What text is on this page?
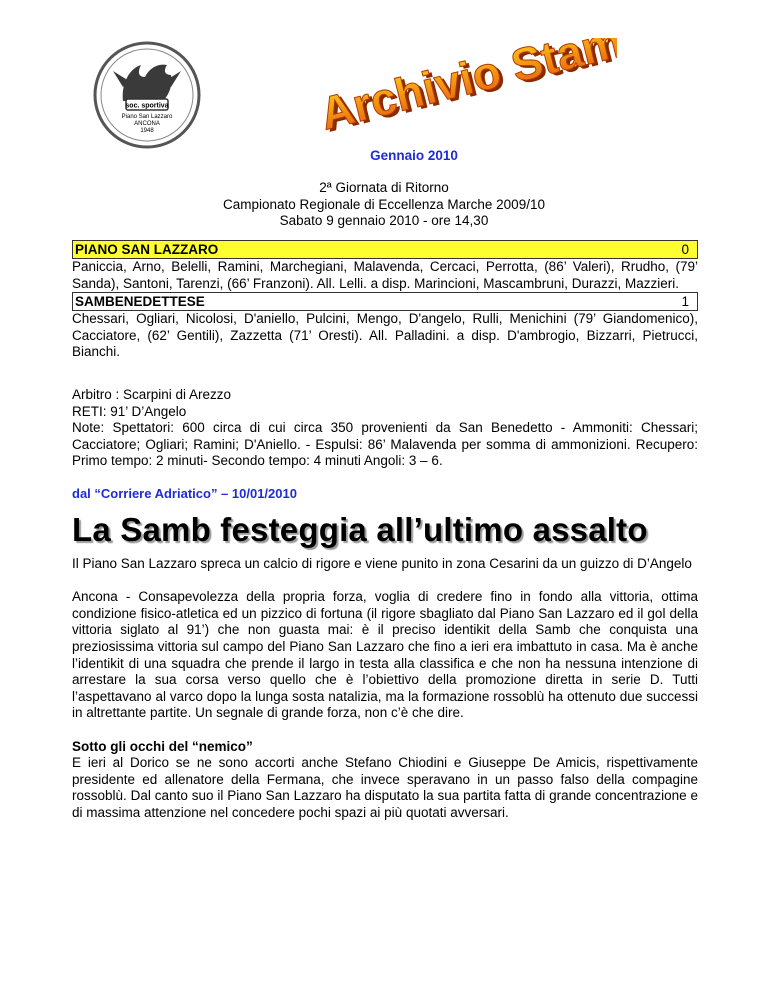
soc. sportiva
Piano San Lazzaro
ANCONA
1948	Archivio Stampa
Archivio Stampa
Gennaio 2010
2ª Giornata di Ritorno
Campionato Regionale di Eccellenza Marche 2009/10
Sabato 9 gennaio 2010 - ore 14,30
PIANO SAN LAZZARO	0
Paniccia, Arno, Belelli, Ramini, Marchegiani, Malavenda, Cercaci, Perrotta, (86’ Valeri), Rrudho, (79’ Sanda), Santoni, Tarenzi, (66’ Franzoni). All. Lelli. a disp. Marincioni, Mascambruni, Durazzi, Mazzieri.
SAMBENEDETTESE	1
Chessari, Ogliari, Nicolosi, D'aniello, Pulcini, Mengo, D'angelo, Rulli, Menichini (79’ Giandomenico), Cacciatore, (62’ Gentili), Zazzetta (71’ Oresti). All. Palladini. a disp. D'ambrogio, Bizzarri, Pietrucci, Bianchi.

Arbitro : Scarpini di Arezzo

RETI: 91’ D’Angelo

Note: Spettatori: 600 circa di cui circa 350 provenienti da San Benedetto - Ammoniti: Chessari; Cacciatore; Ogliari; Ramini; D'Aniello. - Espulsi: 86’ Malavenda per somma di ammonizioni. Recupero: Primo tempo: 2 minuti- Secondo tempo: 4 minuti Angoli: 3 – 6.

dal “Corriere Adriatico” – 10/01/2010
La Samb festeggia all’ultimo assalto

Il Piano San Lazzaro spreca un calcio di rigore e viene punito in zona Cesarini da un guizzo di D’Angelo

Ancona - Consapevolezza della propria forza, voglia di credere fino in fondo alla vittoria, ottima condizione fisico-atletica ed un pizzico di fortuna (il rigore sbagliato dal Piano San Lazzaro ed il gol della vittoria siglato al 91’) che non guasta mai: è il preciso identikit della Samb che conquista una preziosissima vittoria sul campo del Piano San Lazzaro che fino a ieri era imbattuto in casa. Ma è anche l’identikit di una squadra che prende il largo in testa alla classifica e che non ha nessuna intenzione di arrestare la sua corsa verso quello che è l’obiettivo della promozione diretta in serie D. Tutti l’aspettavano al varco dopo la lunga sosta natalizia, ma la formazione rossoblù ha ottenuto due successi in altrettante partite. Un segnale di grande forza, non c’è che dire.

Sotto gli occhi del “nemico”

E ieri al Dorico se ne sono accorti anche Stefano Chiodini e Giuseppe De Amicis, rispettivamente presidente ed allenatore della Fermana, che invece speravano in un passo falso della compagine rossoblù. Dal canto suo il Piano San Lazzaro ha disputato la sua partita fatta di grande concentrazione e di massima attenzione nel concedere pochi spazi ai più quotati avversari.
